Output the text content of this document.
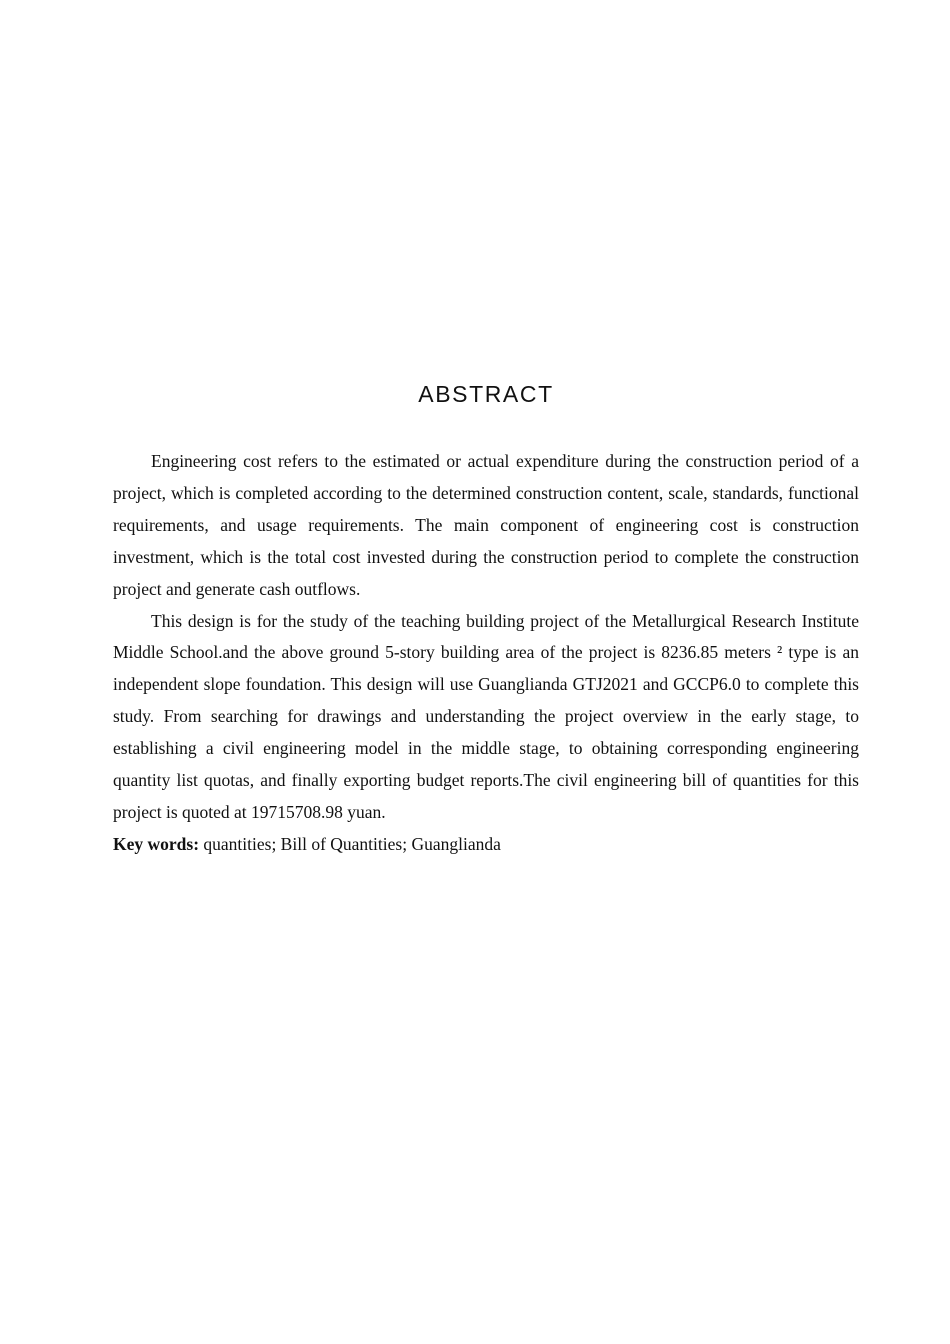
ABSTRACT

Engineering cost refers to the estimated or actual expenditure during the construction period of a project, which is completed according to the determined construction content, scale, standards, functional requirements, and usage requirements. The main component of engineering cost is construction investment, which is the total cost invested during the construction period to complete the construction project and generate cash outflows.

This design is for the study of the teaching building project of the Metallurgical Research Institute Middle School.and the above ground 5-story building area of the project is 8236.85 meters ² type is an independent slope foundation. This design will use Guanglianda GTJ2021 and GCCP6.0 to complete this study. From searching for drawings and understanding the project overview in the early stage, to establishing a civil engineering model in the middle stage, to obtaining corresponding engineering quantity list quotas, and finally exporting budget reports.The civil engineering bill of quantities for this project is quoted at 19715708.98 yuan.

Key words: quantities; Bill of Quantities; Guanglianda
